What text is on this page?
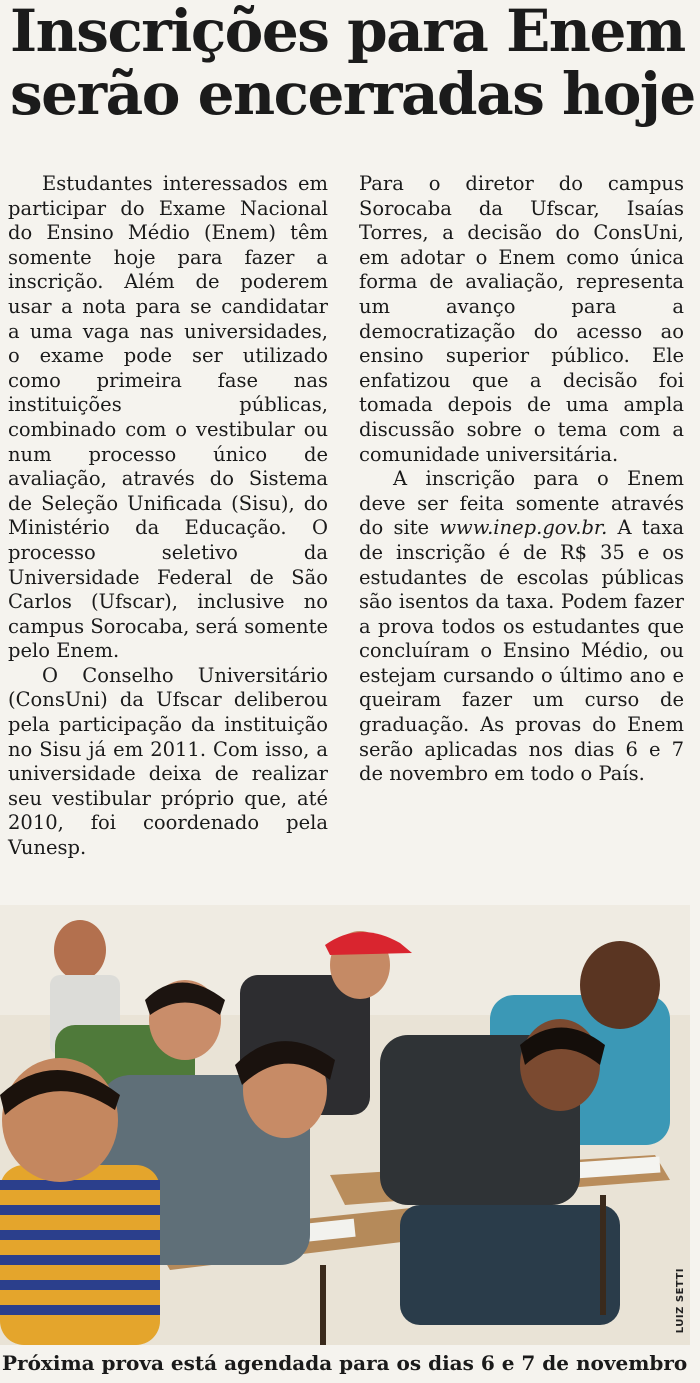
Inscrições para Enem
serão encerradas hoje

Estudantes interessados em participar do Exame Nacional do Ensino Médio (Enem) têm somente hoje para fazer a inscrição. Além de poderem usar a nota para se candidatar a uma vaga nas universidades, o exame pode ser utilizado como primeira fase nas instituições públicas, combinado com o vestibular ou num processo único de avaliação, através do Sistema de Seleção Unificada (Sisu), do Ministério da Educação. O processo seletivo da Universidade Federal de São Carlos (Ufscar), inclusive no campus Sorocaba, será somente pelo Enem.

O Conselho Universitário (ConsUni) da Ufscar deliberou pela participação da instituição no Sisu já em 2011. Com isso, a universidade deixa de realizar seu vestibular próprio que, até 2010, foi coordenado pela Vunesp.

Para o diretor do campus Sorocaba da Ufscar, Isaías Torres, a decisão do ConsUni, em adotar o Enem como única forma de avaliação, representa um avanço para a democratização do acesso ao ensino superior público. Ele enfatizou que a decisão foi tomada depois de uma ampla discussão sobre o tema com a comunidade universitária.

A inscrição para o Enem deve ser feita somente através do site www.inep.gov.br. A taxa de inscrição é de R$ 35 e os estudantes de escolas públicas são isentos da taxa. Podem fazer a prova todos os estudantes que concluíram o Ensino Médio, ou estejam cursando o último ano e queiram fazer um curso de graduação. As provas do Enem serão aplicadas nos dias 6 e 7 de novembro em todo o País.

LUIZ SETTI
Próxima prova está agendada para os dias 6 e 7 de novembro
